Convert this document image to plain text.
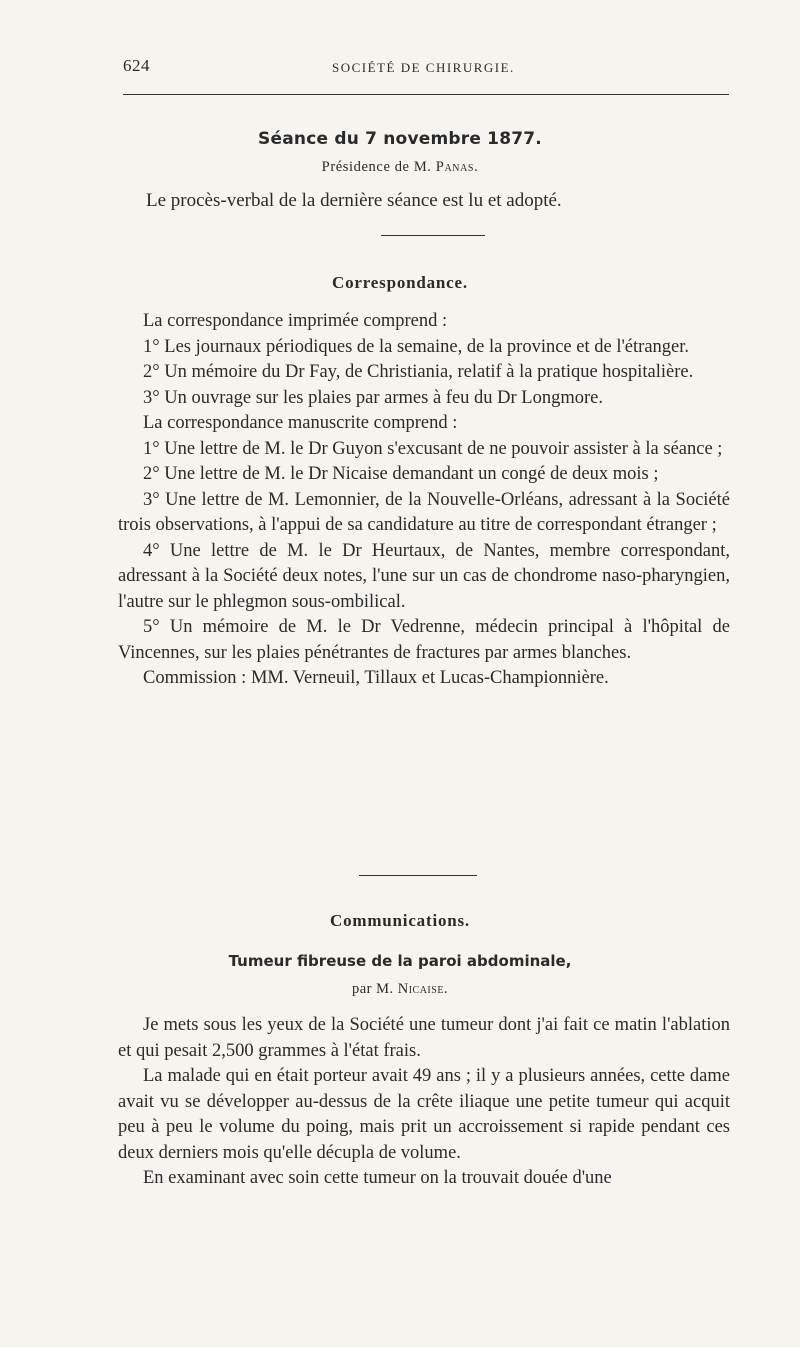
624	SOCIÉTÉ DE CHIRURGIE.
Séance du 7 novembre 1877.
Présidence de M. Panas.
Le procès-verbal de la dernière séance est lu et adopté.
Correspondance.

La correspondance imprimée comprend :

1° Les journaux périodiques de la semaine, de la province et de l'étranger.

2° Un mémoire du Dr Fay, de Christiania, relatif à la pratique hospitalière.

3° Un ouvrage sur les plaies par armes à feu du Dr Longmore.

La correspondance manuscrite comprend :

1° Une lettre de M. le Dr Guyon s'excusant de ne pouvoir assister à la séance ;

2° Une lettre de M. le Dr Nicaise demandant un congé de deux mois ;

3° Une lettre de M. Lemonnier, de la Nouvelle-Orléans, adressant à la Société trois observations, à l'appui de sa candidature au titre de correspondant étranger ;

4° Une lettre de M. le Dr Heurtaux, de Nantes, membre correspondant, adressant à la Société deux notes, l'une sur un cas de chondrome naso-pharyngien, l'autre sur le phlegmon sous-ombilical.

5° Un mémoire de M. le Dr Vedrenne, médecin principal à l'hôpital de Vincennes, sur les plaies pénétrantes de fractures par armes blanches.

Commission : MM. Verneuil, Tillaux et Lucas-Championnière.

Communications.
Tumeur fibreuse de la paroi abdominale,
par M. Nicaise.

Je mets sous les yeux de la Société une tumeur dont j'ai fait ce matin l'ablation et qui pesait 2,500 grammes à l'état frais.

La malade qui en était porteur avait 49 ans ; il y a plusieurs années, cette dame avait vu se développer au-dessus de la crête iliaque une petite tumeur qui acquit peu à peu le volume du poing, mais prit un accroissement si rapide pendant ces deux derniers mois qu'elle décupla de volume.

En examinant avec soin cette tumeur on la trouvait douée d'une
